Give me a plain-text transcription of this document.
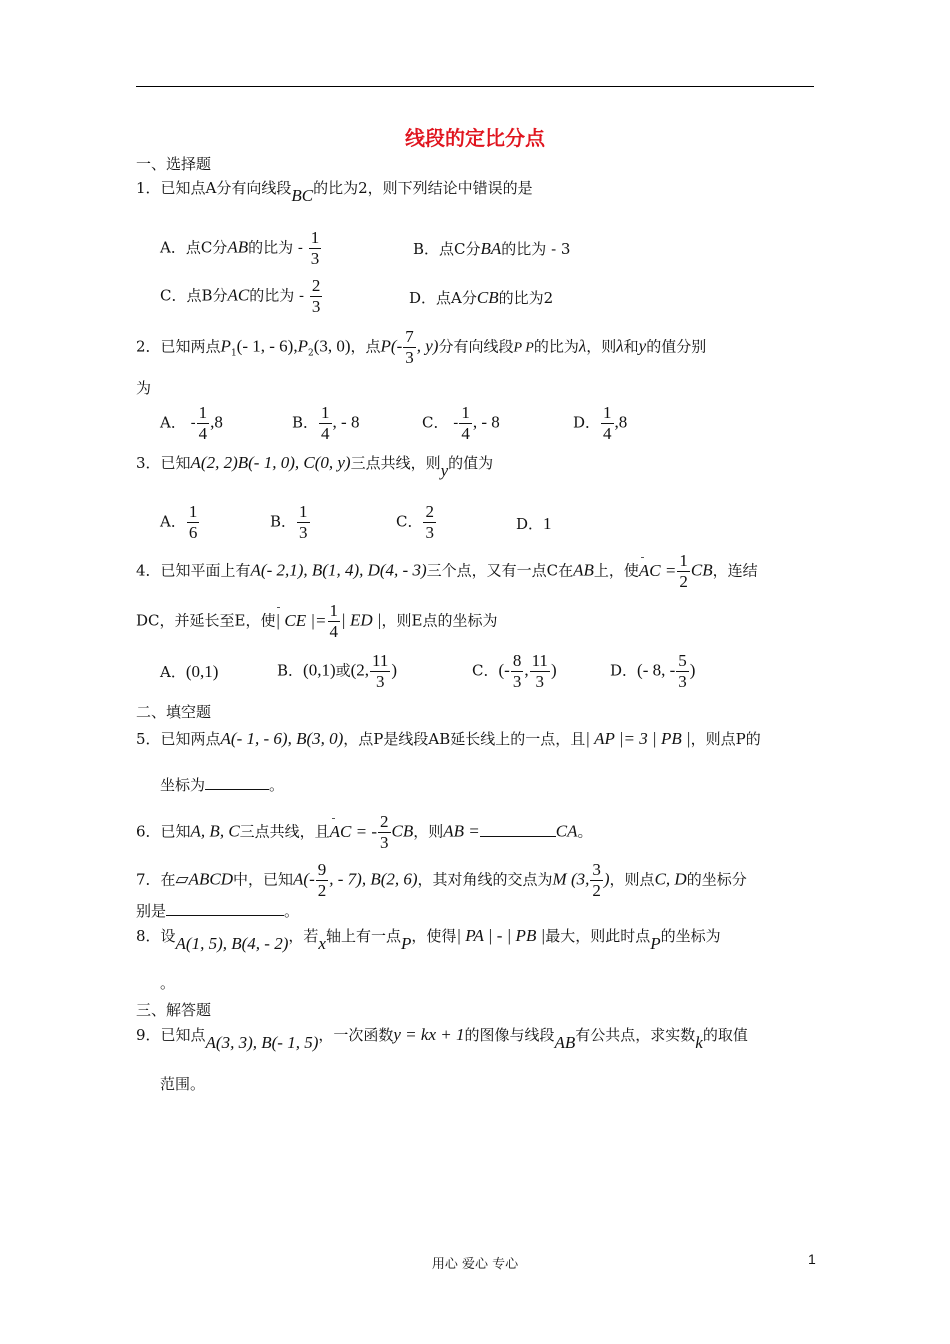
线段的定比分点
一、选择题
1．已知点A分有向线段BC的比为2，则下列结论中错误的是
A．点C分AB的比为 - $\frac{1}{3}$	B．点C分BA的比为 - 3
C．点B分AC的比为 - $\frac{2}{3}$	D．点A分CB的比为2
2．已知两点$P_1(-$ 1, - $6),P_2(3$, 0)，点$P(- \frac{7}{3}$ , y)分有向线段P P的比为λ，则λ和y的值分别
为
A． - $\frac{1}{4} ,8$	B． $\frac{1}{4}$ , - 8	C． - $\frac{1}{4}$ , - 8	D． $\frac{1}{4} ,8$
3．已知A(2, 2)B(- 1, 0), C(0, y)三点共线，则y的值为
A． $\frac{1}{6}$	B． $\frac{1}{3}$	C． $\frac{2}{3}$	D．1
4．已知平面上有A(- 2,1), B(1, 4), D(4, - 3)三个点，又有一点C在AB上，使AC = $\frac{1}{2}$ CB，连结
DC，并延长至E，使| CE |= $\frac{1}{4}$ | ED |，则E点的坐标为
A．(0,1)	B．(0,1)或(2, $\frac{11}{3}$ )	C．(- $\frac{8}{3}$ , $\frac{11}{3}$ )	D．(- 8, - $\frac{5}{3}$ )
二、填空题
5．已知两点A(- 1, - 6), B(3, 0)，点P是线段AB延长线上的一点，且| AP |= 3 | PB |，则点P的
坐标为	。
6．已知A, B, C三点共线，且AC = - $\frac{2}{3}$ CB，则AB =	CA。
7．在▱ABCD中，已知$A(- \frac{9}{2}$ , - 7), B(2, 6)，其对角线的交点为M (3, $\frac{3}{2}$ )，则点C, D的坐标分
别是	。
8．设A(1, 5), B(4, - 2)，若x轴上有一点P，使得| PA | - | PB |最大，则此时点P的坐标为
。
三、解答题
9．已知点A(3, 3), B(- 1, 5)，一次函数y = kx + 1的图像与线段AB有公共点，求实数k的取值
范围。
用心 爱心 专心	1
